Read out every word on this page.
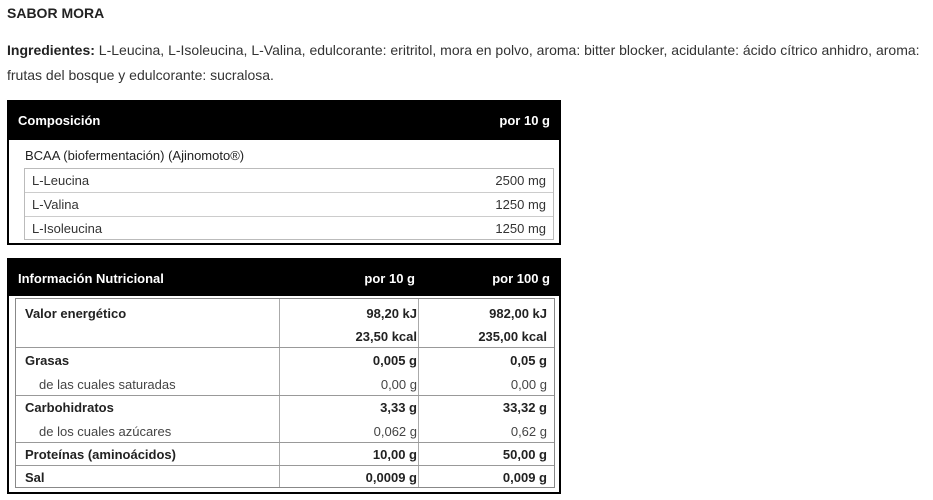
SABOR MORA
Ingredientes: L-Leucina, L-Isoleucina, L-Valina, edulcorante: eritritol, mora en polvo, aroma: bitter blocker, acidulante: ácido cítrico anhidro, aroma: frutas del bosque y edulcorante: sucralosa.
Composición	por 10 g
BCAA (biofermentación) (Ajinomoto®)
L-Leucina	2500 mg
L-Valina	1250 mg
L-Isoleucina	1250 mg
Información Nutricional	por 10 g	por 100 g
Valor energético	98,20 kJ	982,00 kJ
23,50 kcal	235,00 kcal
Grasas	0,005 g	0,05 g
de las cuales saturadas	0,00 g	0,00 g
Carbohidratos	3,33 g	33,32 g
de los cuales azúcares	0,062 g	0,62 g
Proteínas (aminoácidos)	10,00 g	50,00 g
Sal	0,0009 g	0,009 g
